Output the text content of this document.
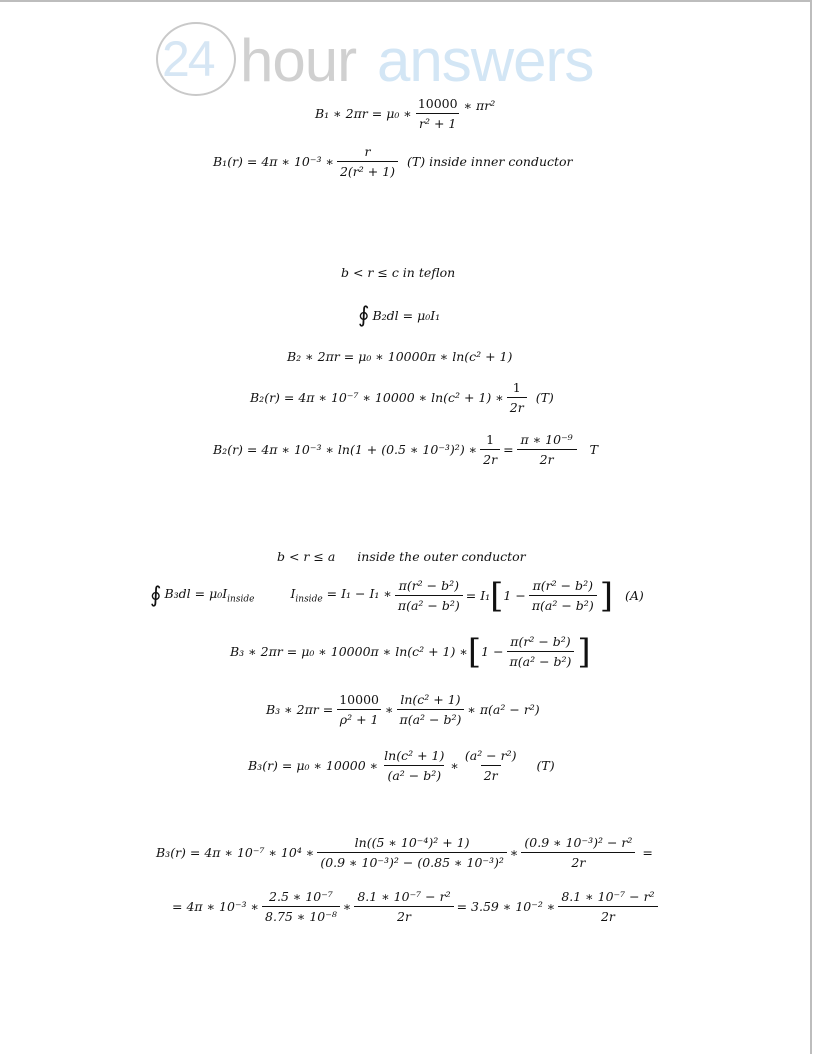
24 hour answers
B₁ ∗ 2πr = μ₀ ∗ $\frac{10000}{\text{r² + 1}}$ ∗ πr²
B₁(r) = 4π ∗ 10⁻³ ∗ $\frac{r}{\text{2(r² + 1)}} (T)$ inside inner conductor
b < r ≤ c in teflon
∮ B₂dl = μ₀I₁
B₂ ∗ 2πr = μ₀ ∗ 10000π ∗ ln(c² + 1)
B₂(r) = 4π ∗ 10⁻⁷ ∗ 10000 ∗ ln(c² + 1) ∗ $\frac{1}{2r} (T)$
B₂(r) = 4π ∗ 10⁻³ ∗ ln(1 + (0.5 ∗ 10⁻³)²) ∗ $\frac{1}{2r} = \frac{\text{π ∗ 10⁻⁹}}{2r}$ T
b < r ≤ a inside the outer conductor
∮ $B_3dl = \mu_0I_{inside}$	$I_{inside} = I_1 - I_1$ ∗ $\frac{\text{π(r² − b²)}}{\text{π(a² − b²)}} = I_1$ [ $1 - \frac{\text{π(r² − b²)}}{\text{π(a² − b²)}}$ ] (A)
B₃ ∗ 2πr = μ₀ ∗ 10000π ∗ ln(c² + 1) ∗ [ $1 - \frac{\text{π(r² − b²)}}{\text{π(a² − b²)}}$ ]
B₃ ∗ $2\pi r = \frac{10000}{\text{ρ² + 1}}$ ∗ $\frac{\text{ln(c² + 1)}}{\text{π(a² − b²)}}$ ∗ π(a² − r²)
B₃(r) = μ₀ ∗ 10000 ∗ $\frac{\text{ln(c² + 1)}}{\text{(a² − b²)}}$ ∗ $\frac{\text{(a² − r²)}}{2r} (T)$
B₃(r) = 4π ∗ 10⁻⁷ ∗ 10⁴ ∗ $\frac{\text{ln((5 ∗ 10⁻⁴)² + 1)}}{\text{(0.9 ∗ 10⁻³)² − (0.85 ∗ 10⁻³)²}}$ ∗ $\frac{\text{(0.9 ∗ 10⁻³)² − r²}}{2r}$ =
= 4π ∗ 10⁻³ ∗ $\frac{\text{2.5 ∗ 10⁻⁷}}{\text{8.75 ∗ 10⁻⁸}}$ ∗ $\frac{\text{8.1 ∗ 10⁻⁷ − r²}}{2r} = 3.59$ ∗ 10⁻² ∗ $\frac{\text{8.1 ∗ 10⁻⁷ − r²}}{2r}$
